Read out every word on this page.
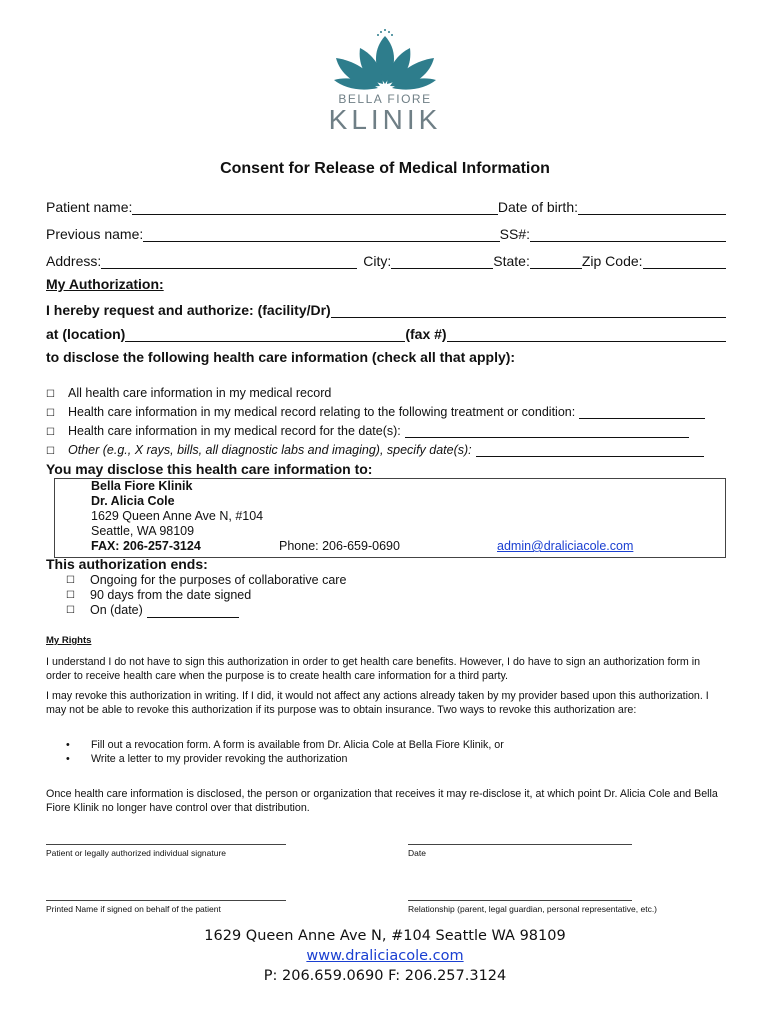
BELLA FIORE
KLINIK
Consent for Release of Medical Information
Patient name:	Date of birth:
Previous name:	SS#:
Address:	City:	State:	Zip Code:
My Authorization:
I hereby request and authorize: (facility/Dr)
at (location)	(fax #)
to disclose the following health care information (check all that apply):
☐	All health care information in my medical record
☐	Health care information in my medical record relating to the following treatment or condition:
☐	Health care information in my medical record for the date(s):
☐	Other (e.g., X rays, bills, all diagnostic labs and imaging), specify date(s):
You may disclose this health care information to:
Bella Fiore Klinik
Dr. Alicia Cole
1629 Queen Anne Ave N, #104
Seattle, WA 98109
FAX: 206-257-3124	Phone: 206-659-0690	admin@draliciacole.com
This authorization ends:
☐	Ongoing for the purposes of collaborative care
☐	90 days from the date signed
☐	On (date)
My Rights
I understand I do not have to sign this authorization in order to get health care benefits. However, I do have to sign an authorization form in order to receive health care when the purpose is to create health care information for a third party.
I may revoke this authorization in writing. If I did, it would not affect any actions already taken by my provider based upon this authorization. I may not be able to revoke this authorization if its purpose was to obtain insurance. Two ways to revoke this authorization are:
•	Fill out a revocation form. A form is available from Dr. Alicia Cole at Bella Fiore Klinik, or
•	Write a letter to my provider revoking the authorization
Once health care information is disclosed, the person or organization that receives it may re-disclose it, at which point Dr. Alicia Cole and Bella Fiore Klinik no longer have control over that distribution.
Patient or legally authorized individual signature	Date
Printed Name if signed on behalf of the patient	Relationship (parent, legal guardian, personal representative, etc.)
1629 Queen Anne Ave N, #104 Seattle WA 98109
www.draliciacole.com
P: 206.659.0690 F: 206.257.3124
